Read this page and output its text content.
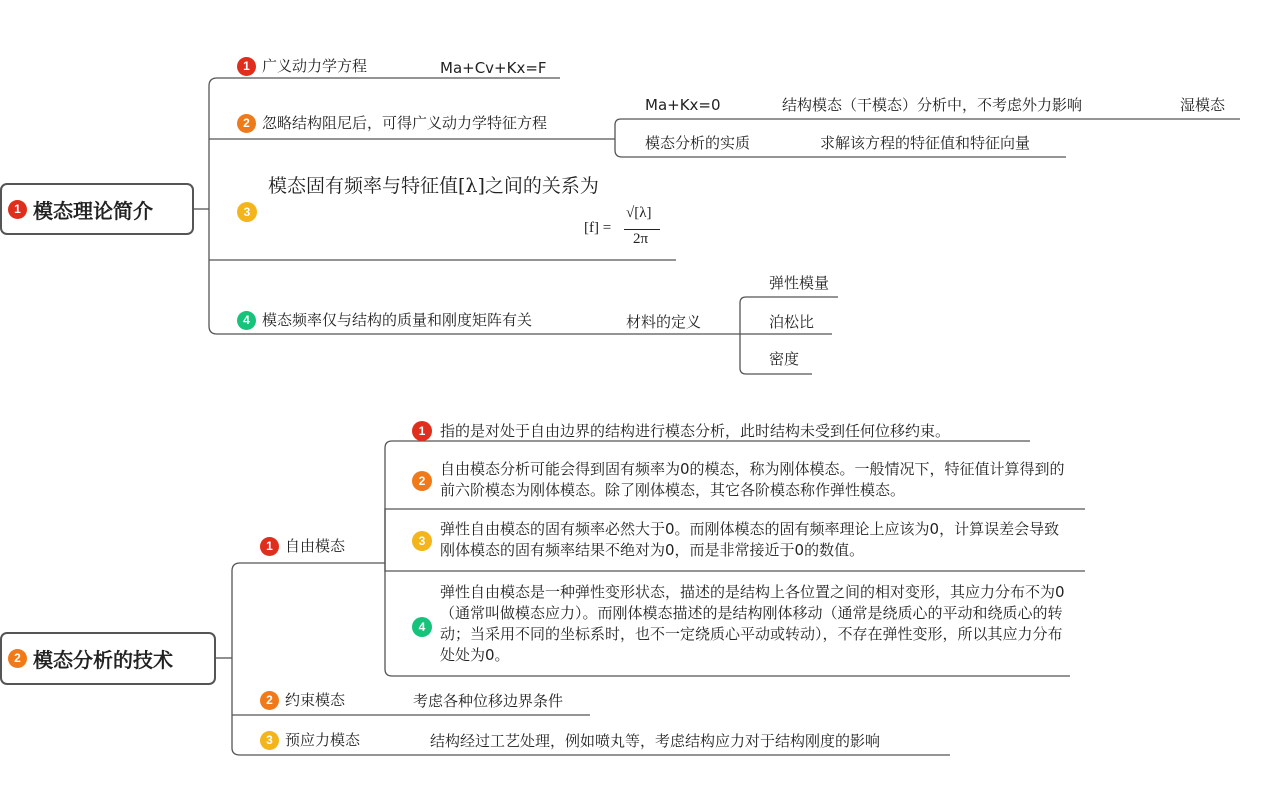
1 模态理论简介
1 广义动力学方程	Ma+Cv+Kx=F
2 忽略结构阻尼后，可得广义动力学特征方程
Ma+Kx=0	结构模态（干模态）分析中，不考虑外力影响	湿模态
模态分析的实质	求解该方程的特征值和特征向量
3
模态固有频率与特征值[λ]之间的关系为
[f] =
√[λ]
2π
4 模态频率仅与结构的质量和刚度矩阵有关	材料的定义
弹性模量
泊松比
密度
2 模态分析的技术
1 自由模态
1 指的是对处于自由边界的结构进行模态分析，此时结构未受到任何位移约束。
2
自由模态分析可能会得到固有频率为0的模态，称为刚体模态。一般情况下，特征值计算得到的前六阶模态为刚体模态。除了刚体模态，其它各阶模态称作弹性模态。
3
弹性自由模态的固有频率必然大于0。而刚体模态的固有频率理论上应该为0，计算误差会导致刚体模态的固有频率结果不绝对为0，而是非常接近于0的数值。
4
弹性自由模态是一种弹性变形状态，描述的是结构上各位置之间的相对变形，其应力分布不为0（通常叫做模态应力）。而刚体模态描述的是结构刚体移动（通常是绕质心的平动和绕质心的转动；当采用不同的坐标系时，也不一定绕质心平动或转动），不存在弹性变形，所以其应力分布处处为0。
2 约束模态	考虑各种位移边界条件
3 预应力模态	结构经过工艺处理，例如喷丸等，考虑结构应力对于结构刚度的影响
